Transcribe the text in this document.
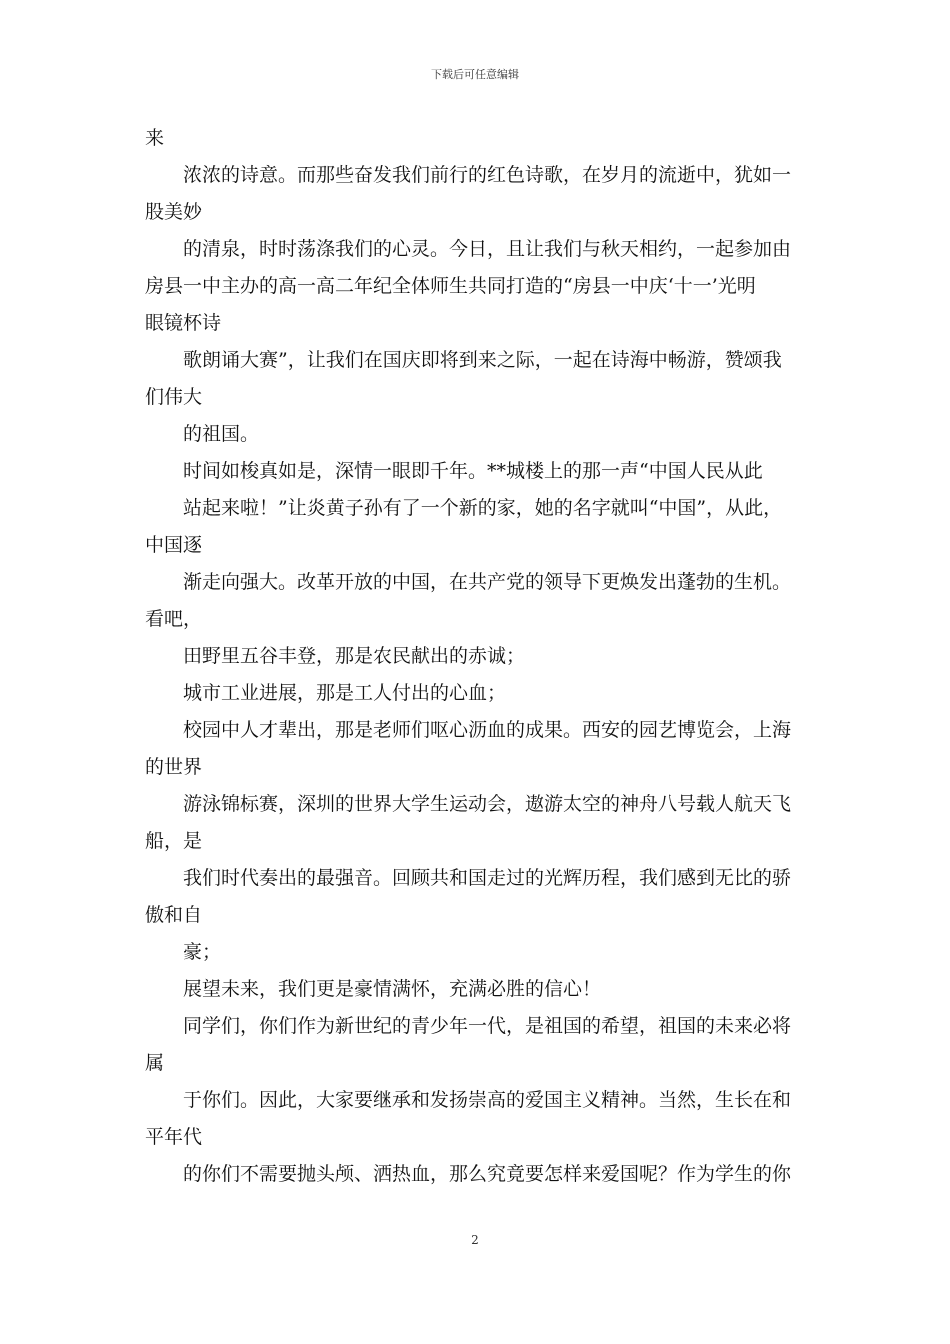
下载后可任意编辑
来
浓浓的诗意。而那些奋发我们前行的红色诗歌，在岁月的流逝中，犹如一
股美妙
的清泉，时时荡涤我们的心灵。今日，且让我们与秋天相约，一起参加由
房县一中主办的高一高二年纪全体师生共同打造的“房县一中庆‘十一’光明
眼镜杯诗
歌朗诵大赛”，让我们在国庆即将到来之际，一起在诗海中畅游，赞颂我
们伟大
的祖国。
时间如梭真如是，深情一眼即千年。**城楼上的那一声“中国人民从此
站起来啦！”让炎黄子孙有了一个新的家，她的名字就叫“中国”，从此，
中国逐
渐走向强大。改革开放的中国，在共产党的领导下更焕发出蓬勃的生机。
看吧，
田野里五谷丰登，那是农民献出的赤诚；
城市工业进展，那是工人付出的心血；
校园中人才辈出，那是老师们呕心沥血的成果。西安的园艺博览会，上海
的世界
游泳锦标赛，深圳的世界大学生运动会，遨游太空的神舟八号载人航天飞
船，是
我们时代奏出的最强音。回顾共和国走过的光辉历程，我们感到无比的骄
傲和自
豪；
展望未来，我们更是豪情满怀，充满必胜的信心！
同学们，你们作为新世纪的青少年一代，是祖国的希望，祖国的未来必将
属
于你们。因此，大家要继承和发扬崇高的爱国主义精神。当然，生长在和
平年代
的你们不需要抛头颅、洒热血，那么究竟要怎样来爱国呢？作为学生的你
2
